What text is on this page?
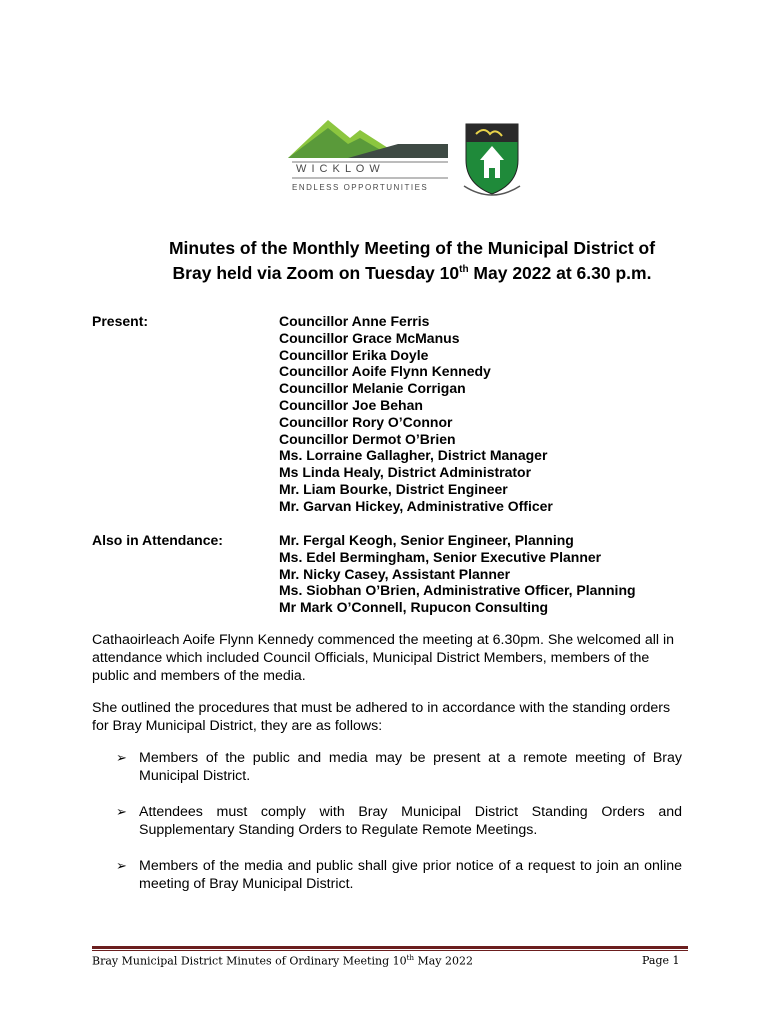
W I C K L O W
ENDLESS OPPORTUNITIES
Minutes of the Monthly Meeting of the Municipal District of
Bray held via Zoom on Tuesday 10th May 2022 at 6.30 p.m.
Present:	Councillor Anne Ferris
Councillor Grace McManus
Councillor Erika Doyle
Councillor Aoife Flynn Kennedy
Councillor Melanie Corrigan
Councillor Joe Behan
Councillor Rory O’Connor
Councillor Dermot O’Brien
Ms. Lorraine Gallagher, District Manager
Ms Linda Healy, District Administrator
Mr. Liam Bourke, District Engineer
Mr. Garvan Hickey, Administrative Officer
Also in Attendance:	Mr. Fergal Keogh, Senior Engineer, Planning
Ms. Edel Bermingham, Senior Executive Planner
Mr. Nicky Casey, Assistant Planner
Ms. Siobhan O’Brien, Administrative Officer, Planning
Mr Mark O’Connell, Rupucon Consulting
Cathaoirleach Aoife Flynn Kennedy commenced the meeting at 6.30pm. She welcomed all in attendance which included Council Officials, Municipal District Members, members of the public and members of the media.
She outlined the procedures that must be adhered to in accordance with the standing orders for Bray Municipal District, they are as follows:
➢ Members of the public and media may be present at a remote meeting of Bray Municipal District.
➢ Attendees must comply with Bray Municipal District Standing Orders and Supplementary Standing Orders to Regulate Remote Meetings.
➢ Members of the media and public shall give prior notice of a request to join an online meeting of Bray Municipal District.
Bray Municipal District Minutes of Ordinary Meeting 10th May 2022	Page 1
